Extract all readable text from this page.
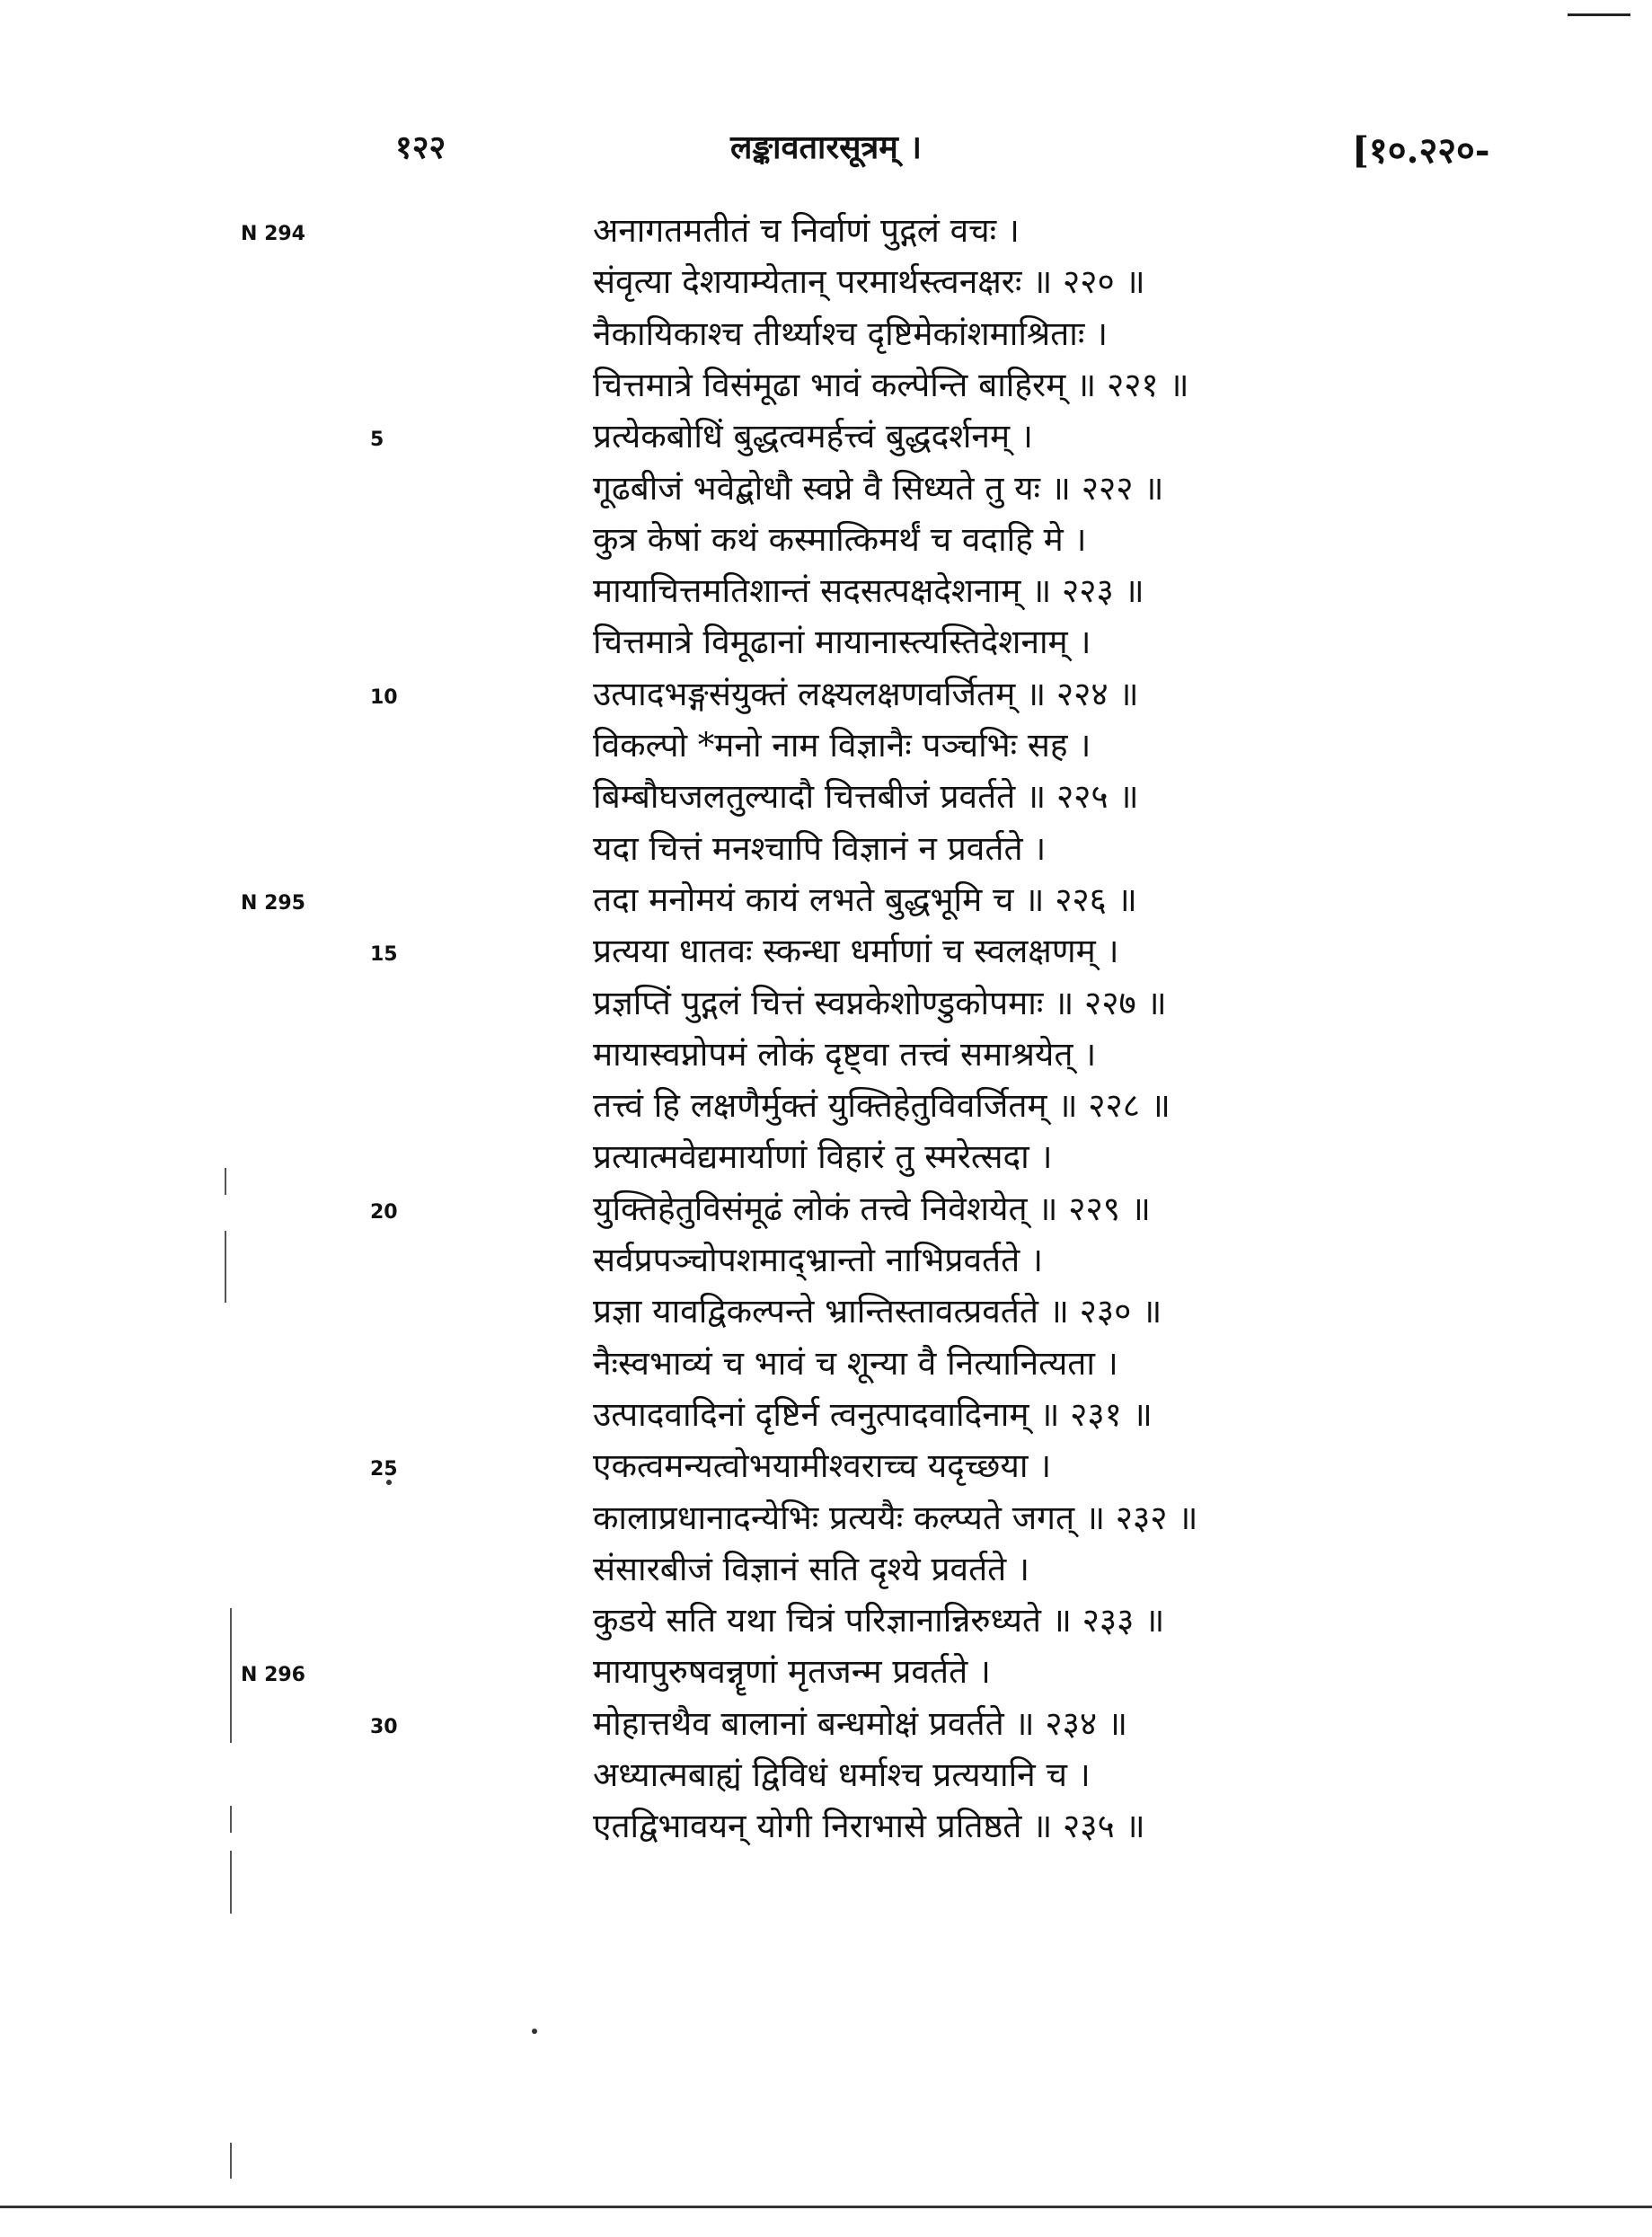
१२२	लङ्कावतारसूत्रम् ।	[१०.२२०-
N 294
N 295
N 296
5
10
15
20
25
30
अनागतमतीतं च निर्वाणं पुद्गलं वचः ।
संवृत्या देशयाम्येतान् परमार्थस्त्वनक्षरः ॥ २२० ॥
नैकायिकाश्च तीर्थ्याश्च दृष्टिमेकांशमाश्रिताः ।
चित्तमात्रे विसंमूढा भावं कल्पेन्ति बाहिरम् ॥ २२१ ॥
प्रत्येकबोधिं बुद्धत्वमर्हत्त्वं बुद्धदर्शनम् ।
गूढबीजं भवेद्बोधौ स्वप्ने वै सिध्यते तु यः ॥ २२२ ॥
कुत्र केषां कथं कस्मात्किमर्थं च वदाहि मे ।
मायाचित्तमतिशान्तं सदसत्पक्षदेशनाम् ॥ २२३ ॥
चित्तमात्रे विमूढानां मायानास्त्यस्तिदेशनाम् ।
उत्पादभङ्गसंयुक्तं लक्ष्यलक्षणवर्जितम् ॥ २२४ ॥
विकल्पो *मनो नाम विज्ञानैः पञ्चभिः सह ।
बिम्बौघजलतुल्यादौ चित्तबीजं प्रवर्तते ॥ २२५ ॥
यदा चित्तं मनश्चापि विज्ञानं न प्रवर्तते ।
तदा मनोमयं कायं लभते बुद्धभूमि च ॥ २२६ ॥
प्रत्यया धातवः स्कन्धा धर्माणां च स्वलक्षणम् ।
प्रज्ञप्तिं पुद्गलं चित्तं स्वप्नकेशोण्डुकोपमाः ॥ २२७ ॥
मायास्वप्नोपमं लोकं दृष्ट्वा तत्त्वं समाश्रयेत् ।
तत्त्वं हि लक्षणैर्मुक्तं युक्तिहेतुविवर्जितम् ॥ २२८ ॥
प्रत्यात्मवेद्यमार्याणां विहारं तु स्मरेत्सदा ।
युक्तिहेतुविसंमूढं लोकं तत्त्वे निवेशयेत् ॥ २२९ ॥
सर्वप्रपञ्चोपशमाद्भ्रान्तो नाभिप्रवर्तते ।
प्रज्ञा यावद्विकल्पन्ते भ्रान्तिस्तावत्प्रवर्तते ॥ २३० ॥
नैःस्वभाव्यं च भावं च शून्या वै नित्यानित्यता ।
उत्पादवादिनां दृष्टिर्न त्वनुत्पादवादिनाम् ॥ २३१ ॥
एकत्वमन्यत्वोभयामीश्वराच्च यदृच्छया ।
कालाप्रधानादन्येभिः प्रत्ययैः कल्प्यते जगत् ॥ २३२ ॥
संसारबीजं विज्ञानं सति दृश्ये प्रवर्तते ।
कुडये सति यथा चित्रं परिज्ञानान्निरुध्यते ॥ २३३ ॥
मायापुरुषवन्नॄणां मृतजन्म प्रवर्तते ।
मोहात्तथैव बालानां बन्धमोक्षं प्रवर्तते ॥ २३४ ॥
अध्यात्मबाह्यं द्विविधं धर्माश्च प्रत्ययानि च ।
एतद्विभावयन् योगी निराभासे प्रतिष्ठते ॥ २३५ ॥
